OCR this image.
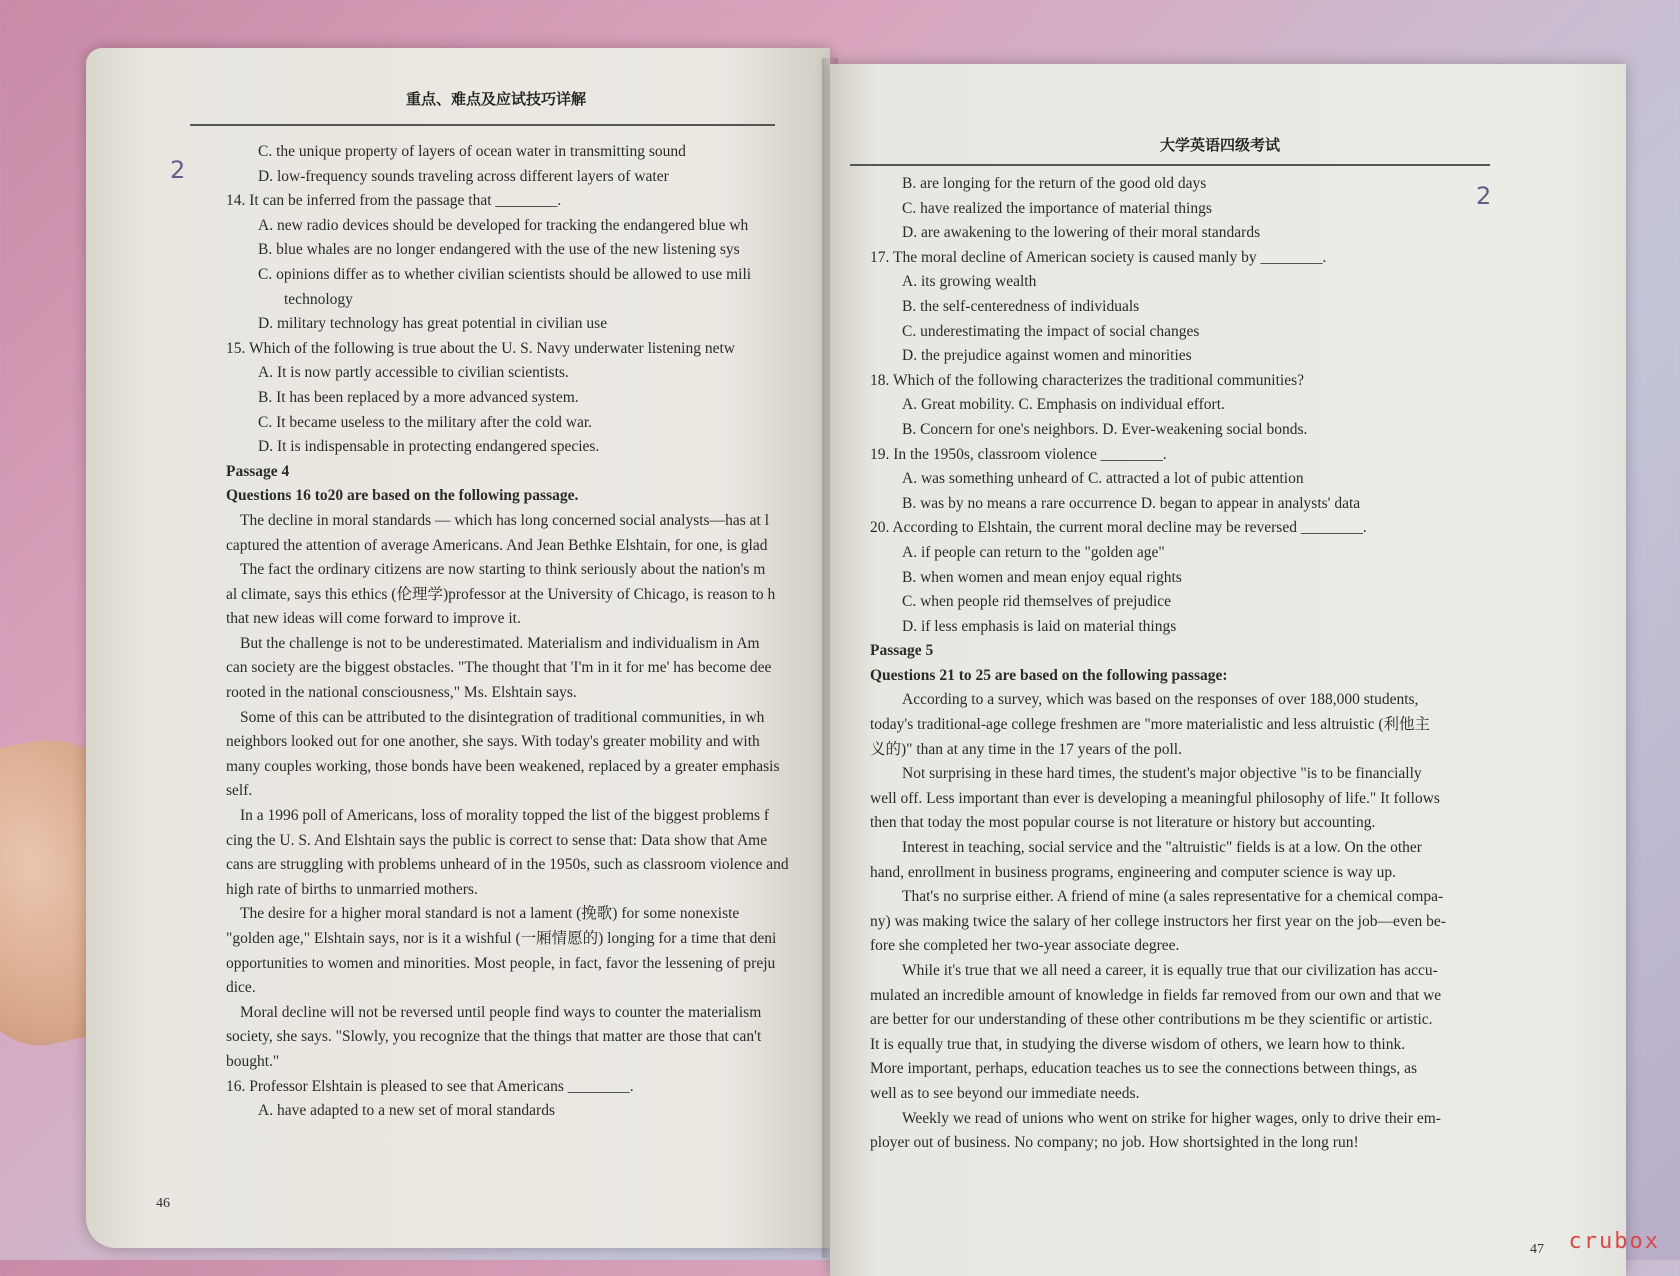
重点、难点及应试技巧详解
2
C. the unique property of layers of ocean water in transmitting sound
D. low-frequency sounds traveling across different layers of water
14. It can be inferred from the passage that ________.
A. new radio devices should be developed for tracking the endangered blue wh
B. blue whales are no longer endangered with the use of the new listening sys
C. opinions differ as to whether civilian scientists should be allowed to use mili
technology
D. military technology has great potential in civilian use
15. Which of the following is true about the U. S. Navy underwater listening netw
A. It is now partly accessible to civilian scientists.
B. It has been replaced by a more advanced system.
C. It became useless to the military after the cold war.
D. It is indispensable in protecting endangered species.
Passage 4
Questions 16 to20 are based on the following passage.
The decline in moral standards — which has long concerned social analysts—has at l
captured the attention of average Americans. And Jean Bethke Elshtain, for one, is glad
The fact the ordinary citizens are now starting to think seriously about the nation's m
al climate, says this ethics (伦理学)professor at the University of Chicago, is reason to h
that new ideas will come forward to improve it.
But the challenge is not to be underestimated. Materialism and individualism in Am
can society are the biggest obstacles. "The thought that 'I'm in it for me' has become dee
rooted in the national consciousness," Ms. Elshtain says.
Some of this can be attributed to the disintegration of traditional communities, in wh
neighbors looked out for one another, she says. With today's greater mobility and with
many couples working, those bonds have been weakened, replaced by a greater emphasis
self.
In a 1996 poll of Americans, loss of morality topped the list of the biggest problems f
cing the U. S. And Elshtain says the public is correct to sense that: Data show that Ame
cans are struggling with problems unheard of in the 1950s, such as classroom violence and
high rate of births to unmarried mothers.
The desire for a higher moral standard is not a lament (挽歌) for some nonexiste
"golden age," Elshtain says, nor is it a wishful (一厢情愿的) longing for a time that deni
opportunities to women and minorities. Most people, in fact, favor the lessening of preju
dice.
Moral decline will not be reversed until people find ways to counter the materialism
society, she says. "Slowly, you recognize that the things that matter are those that can't
bought."
16. Professor Elshtain is pleased to see that Americans ________.
A. have adapted to a new set of moral standards
46
大学英语四级考试
2
B. are longing for the return of the good old days
C. have realized the importance of material things
D. are awakening to the lowering of their moral standards
17. The moral decline of American society is caused manly by ________.
A. its growing wealth
B. the self-centeredness of individuals
C. underestimating the impact of social changes
D. the prejudice against women and minorities
18. Which of the following characterizes the traditional communities?
A. Great mobility. C. Emphasis on individual effort.
B. Concern for one's neighbors. D. Ever-weakening social bonds.
19. In the 1950s, classroom violence ________.
A. was something unheard of C. attracted a lot of pubic attention
B. was by no means a rare occurrence D. began to appear in analysts' data
20. According to Elshtain, the current moral decline may be reversed ________.
A. if people can return to the "golden age"
B. when women and mean enjoy equal rights
C. when people rid themselves of prejudice
D. if less emphasis is laid on material things
Passage 5
Questions 21 to 25 are based on the following passage:
According to a survey, which was based on the responses of over 188,000 students,
today's traditional-age college freshmen are "more materialistic and less altruistic (利他主
义的)" than at any time in the 17 years of the poll.
Not surprising in these hard times, the student's major objective "is to be financially
well off. Less important than ever is developing a meaningful philosophy of life." It follows
then that today the most popular course is not literature or history but accounting.
Interest in teaching, social service and the "altruistic" fields is at a low. On the other
hand, enrollment in business programs, engineering and computer science is way up.
That's no surprise either. A friend of mine (a sales representative for a chemical compa-
ny) was making twice the salary of her college instructors her first year on the job—even be-
fore she completed her two-year associate degree.
While it's true that we all need a career, it is equally true that our civilization has accu-
mulated an incredible amount of knowledge in fields far removed from our own and that we
are better for our understanding of these other contributions m be they scientific or artistic.
It is equally true that, in studying the diverse wisdom of others, we learn how to think.
More important, perhaps, education teaches us to see the connections between things, as
well as to see beyond our immediate needs.
Weekly we read of unions who went on strike for higher wages, only to drive their em-
ployer out of business. No company; no job. How shortsighted in the long run!
47 crubox
